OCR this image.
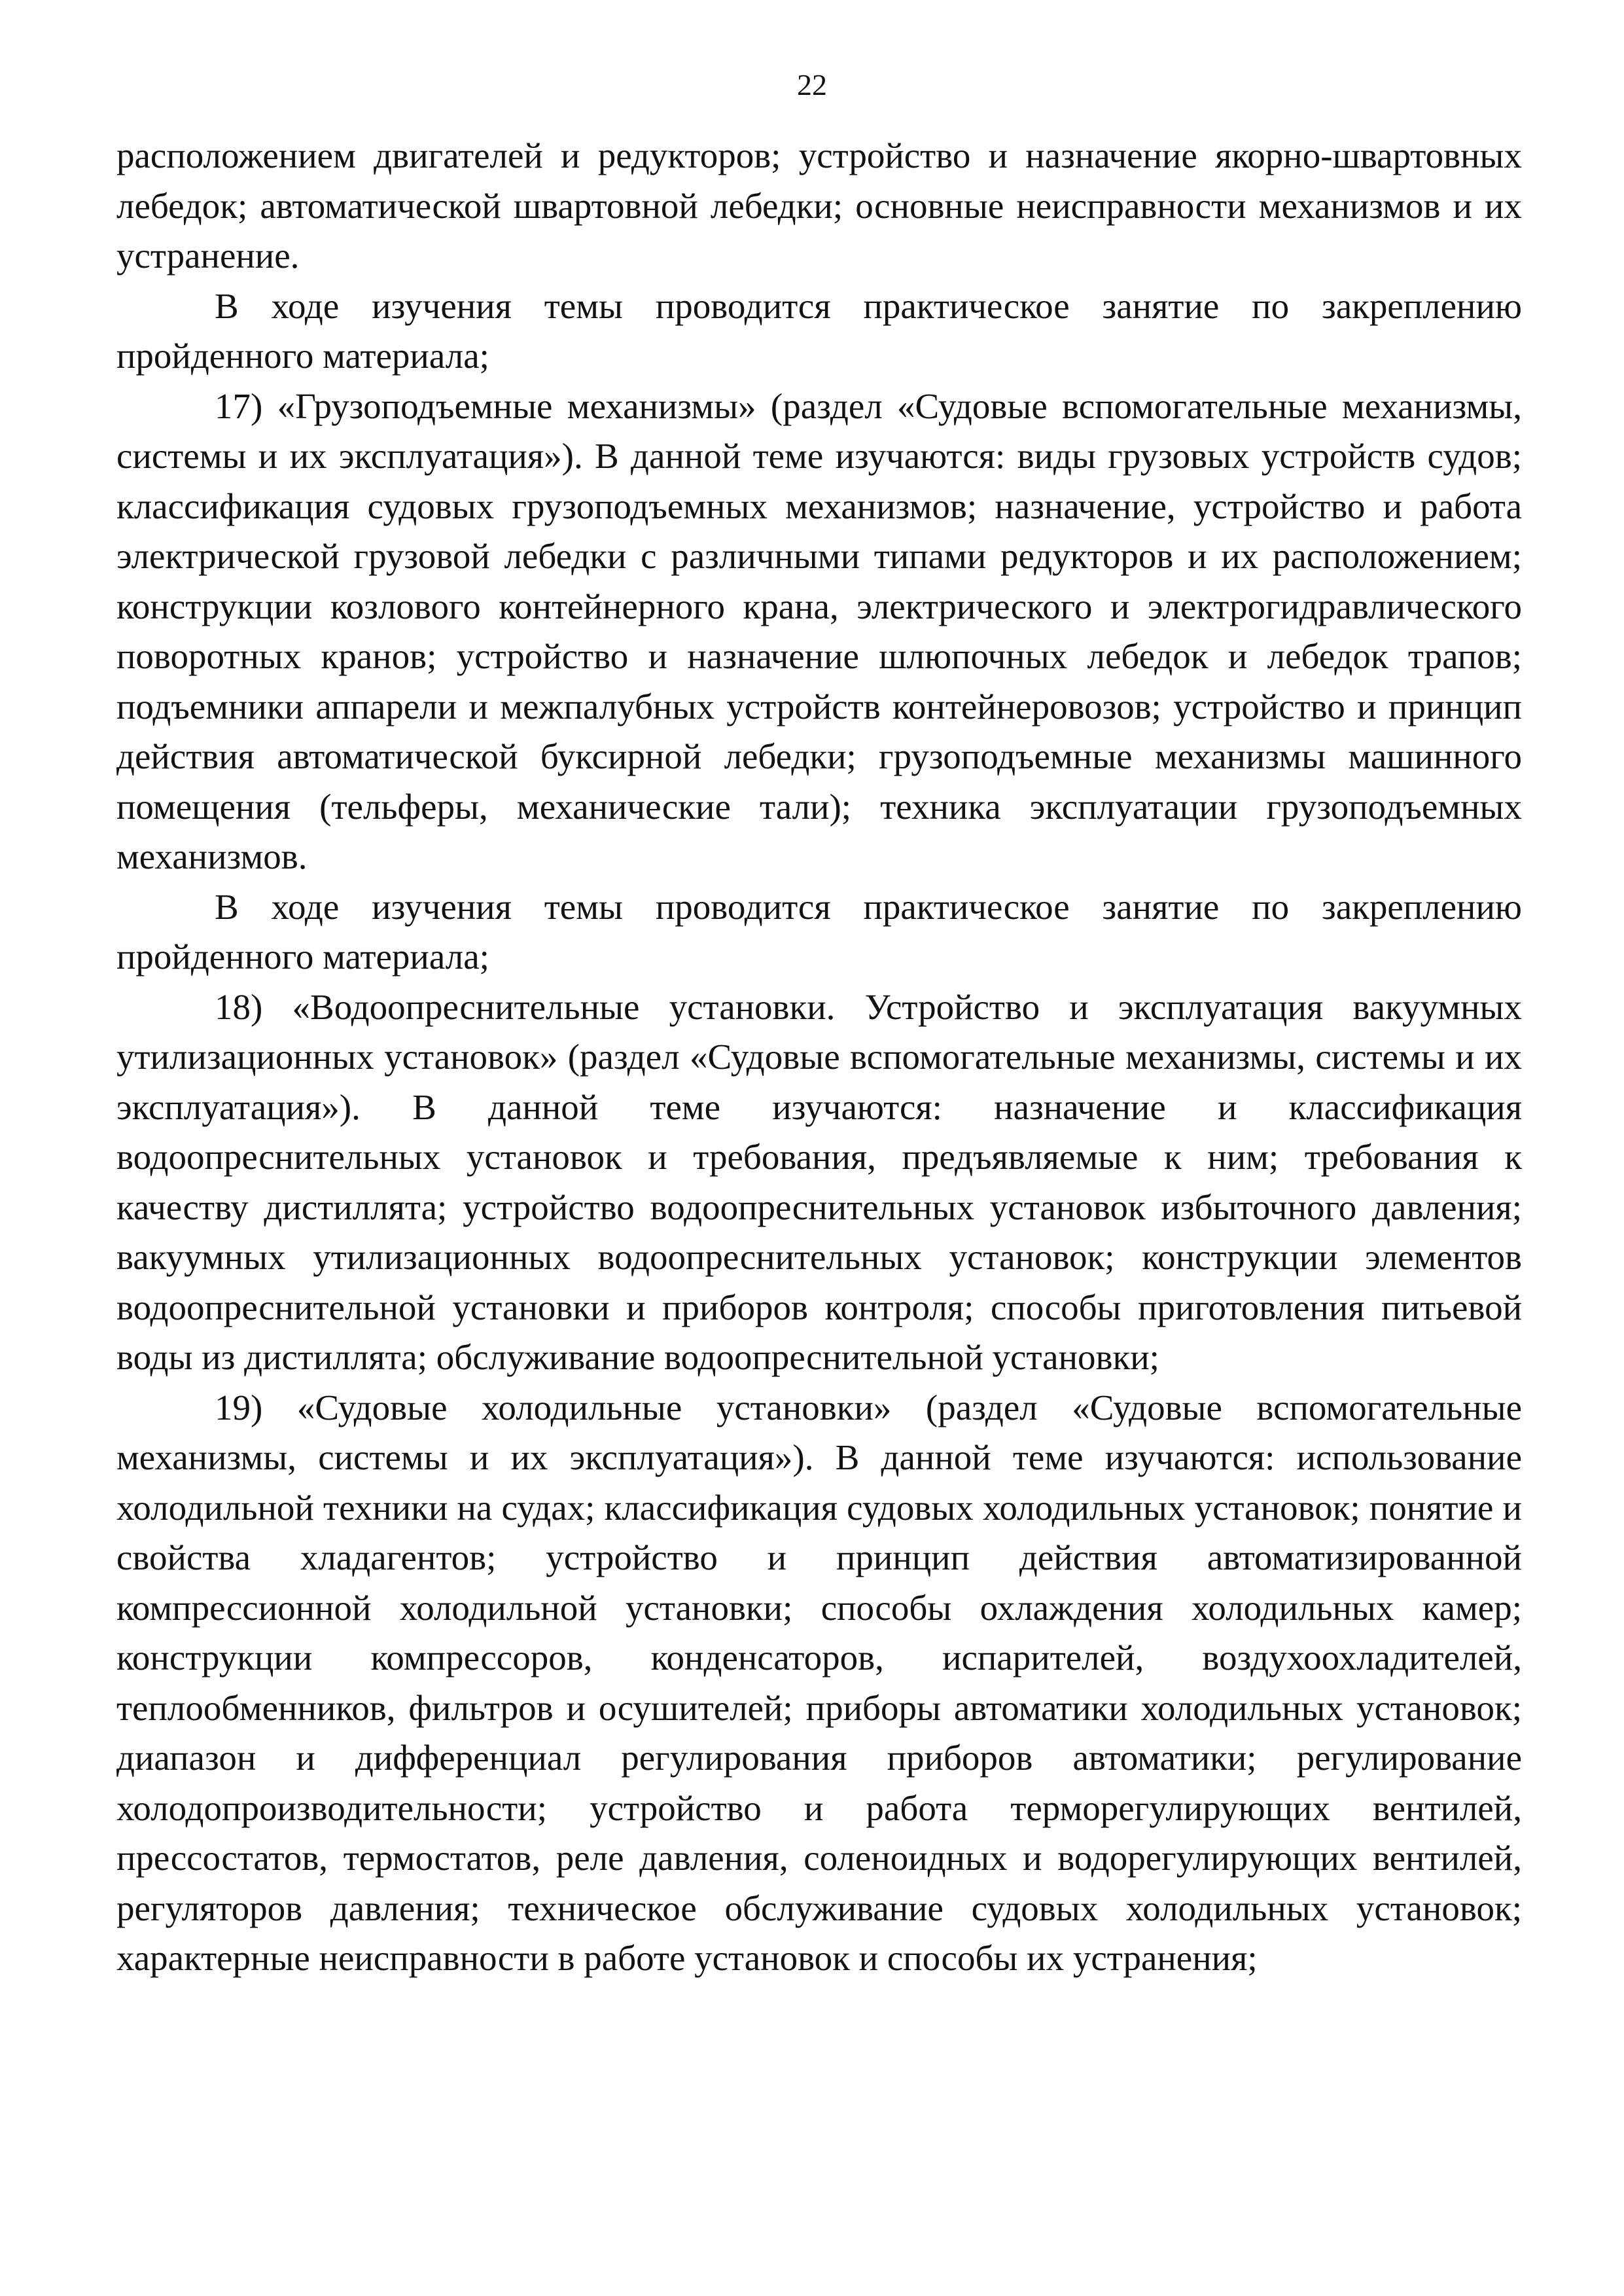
22

расположением двигателей и редукторов; устройство и назначение якорно-швартовных лебедок; автоматической швартовной лебедки; основные неисправности механизмов и их устранение.

В ходе изучения темы проводится практическое занятие по закреплению пройденного материала;

17) «Грузоподъемные механизмы» (раздел «Судовые вспомогательные механизмы, системы и их эксплуатация»). В данной теме изучаются: виды грузовых устройств судов; классификация судовых грузоподъемных механизмов; назначение, устройство и работа электрической грузовой лебедки с различными типами редукторов и их расположением; конструкции козлового контейнерного крана, электрического и электрогидравлического поворотных кранов; устройство и назначение шлюпочных лебедок и лебедок трапов; подъемники аппарели и межпалубных устройств контейнеровозов; устройство и принцип действия автоматической буксирной лебедки; грузоподъемные механизмы машинного помещения (тельферы, механические тали); техника эксплуатации грузоподъемных механизмов.

В ходе изучения темы проводится практическое занятие по закреплению пройденного материала;

18) «Водоопреснительные установки. Устройство и эксплуатация вакуумных утилизационных установок» (раздел «Судовые вспомогательные механизмы, системы и их эксплуатация»). В данной теме изучаются: назначение и классификация водоопреснительных установок и требования, предъявляемые к ним; требования к качеству дистиллята; устройство водоопреснительных установок избыточного давления; вакуумных утилизационных водоопреснительных установок; конструкции элементов водоопреснительной установки и приборов контроля; способы приготовления питьевой воды из дистиллята; обслуживание водоопреснительной установки;

19) «Судовые холодильные установки» (раздел «Судовые вспомогательные механизмы, системы и их эксплуатация»). В данной теме изучаются: использование холодильной техники на судах; классификация судовых холодильных установок; понятие и свойства хладагентов; устройство и принцип действия автоматизированной компрессионной холодильной установки; способы охлаждения холодильных камер; конструкции компрессоров, конденсаторов, испарителей, воздухоохладителей, теплообменников, фильтров и осушителей; приборы автоматики холодильных установок; диапазон и дифференциал регулирования приборов автоматики; регулирование холодопроизводительности; устройство и работа терморегулирующих вентилей, прессостатов, термостатов, реле давления, соленоидных и водорегулирующих вентилей, регуляторов давления; техническое обслуживание судовых холодильных установок; характерные неисправности в работе установок и способы их устранения;
